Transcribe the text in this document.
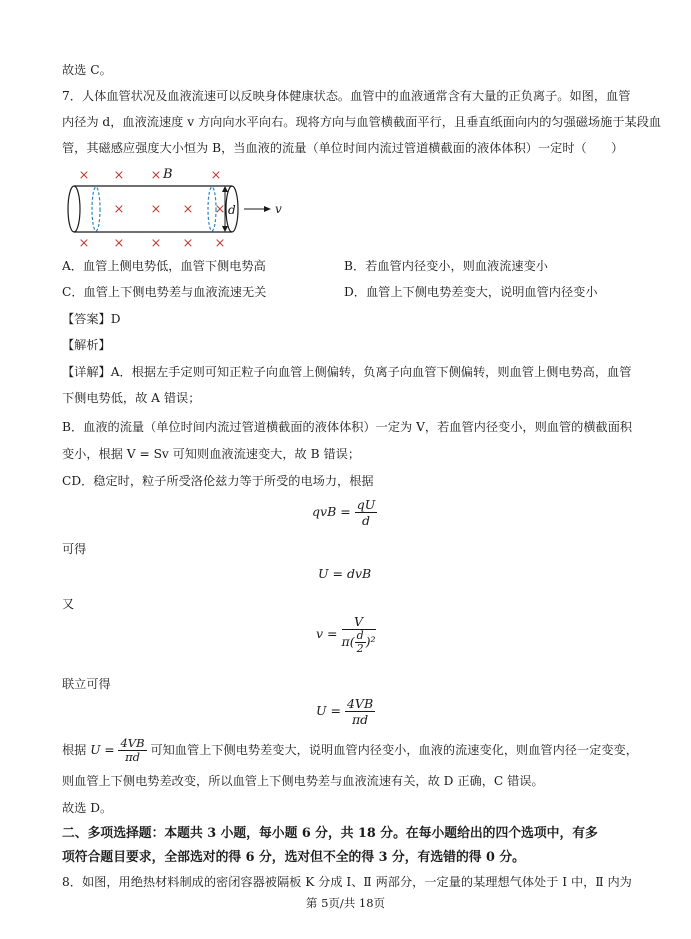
故选 C。
7．人体血管状况及血液流速可以反映身体健康状态。血管中的血液通常含有大量的正负离子。如图，血管
内径为 d，血液流速度 v 方向向水平向右。现将方向与血管横截面平行，且垂直纸面向内的匀强磁场施于某段血
管，其磁感应强度大小恒为 B，当血液的流量（单位时间内流过管道横截面的液体体积）一定时（　　）
× × ×	×
× × × ×
× × × × ×
B
d	v
A．血管上侧电势低，血管下侧电势高	B．若血管内径变小，则血液流速变小
C．血管上下侧电势差与血液流速无关	D．血管上下侧电势差变大，说明血管内径变小
【答案】D
【解析】
【详解】A．根据左手定则可知正粒子向血管上侧偏转，负离子向血管下侧偏转，则血管上侧电势高，血管
下侧电势低，故 A 错误；
B．血液的流量（单位时间内流过管道横截面的液体体积）一定为 V，若血管内径变小，则血管的横截面积
变小，根据 V = Sv 可知则血液流速变大，故 B 错误；
CD．稳定时，粒子所受洛伦兹力等于所受的电场力，根据
qvB = $\frac{qU}{d}$
可得
U = dvB
又
$v = \frac{V}{\pi( \frac{d}{2} )^2}$
联立可得
$U = \frac{4VB}{\pi d}$
根据 $U = \frac{4VB}{\pi d}$ 可知血管上下侧电势差变大，说明血管内径变小，血液的流速变化，则血管内径一定变变，
则血管上下侧电势差改变，所以血管上下侧电势差与血液流速有关，故 D 正确，C 错误。
故选 D。
二、多项选择题：本题共 3 小题，每小题 6 分，共 18 分。在每小题给出的四个选项中，有多
项符合题目要求，全部选对的得 6 分，选对但不全的得 3 分，有选错的得 0 分。
8．如图，用绝热材料制成的密闭容器被隔板 K 分成 Ⅰ、Ⅱ 两部分，一定量的某理想气体处于 Ⅰ 中，Ⅱ 内为
第 5页/共 18页
